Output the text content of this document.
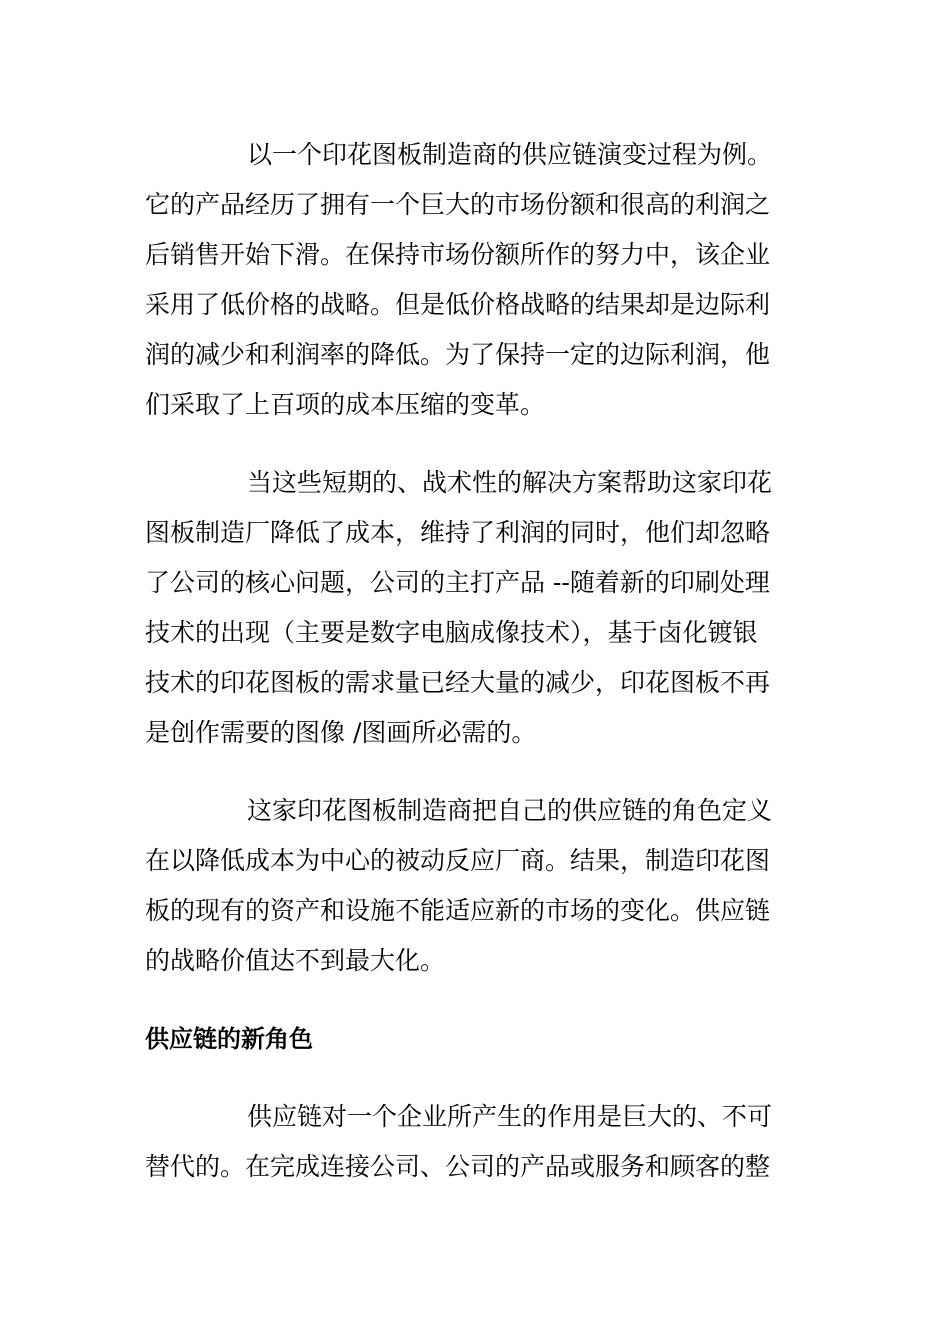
以一个印花图板制造商的供应链演变过程为例。
它的产品经历了拥有一个巨大的市场份额和很高的利润之
后销售开始下滑。在保持市场份额所作的努力中，该企业
采用了低价格的战略。但是低价格战略的结果却是边际利
润的减少和利润率的降低。为了保持一定的边际利润，他
们采取了上百项的成本压缩的变革。
当这些短期的、战术性的解决方案帮助这家印花
图板制造厂降低了成本，维持了利润的同时，他们却忽略
了公司的核心问题，公司的主打产品 --随着新的印刷处理
技术的出现（主要是数字电脑成像技术），基于卤化镀银
技术的印花图板的需求量已经大量的减少，印花图板不再
是创作需要的图像 /图画所必需的。
这家印花图板制造商把自己的供应链的角色定义
在以降低成本为中心的被动反应厂商。结果，制造印花图
板的现有的资产和设施不能适应新的市场的变化。供应链
的战略价值达不到最大化。
供应链的新角色
供应链对一个企业所产生的作用是巨大的、不可
替代的。在完成连接公司、公司的产品或服务和顾客的整
